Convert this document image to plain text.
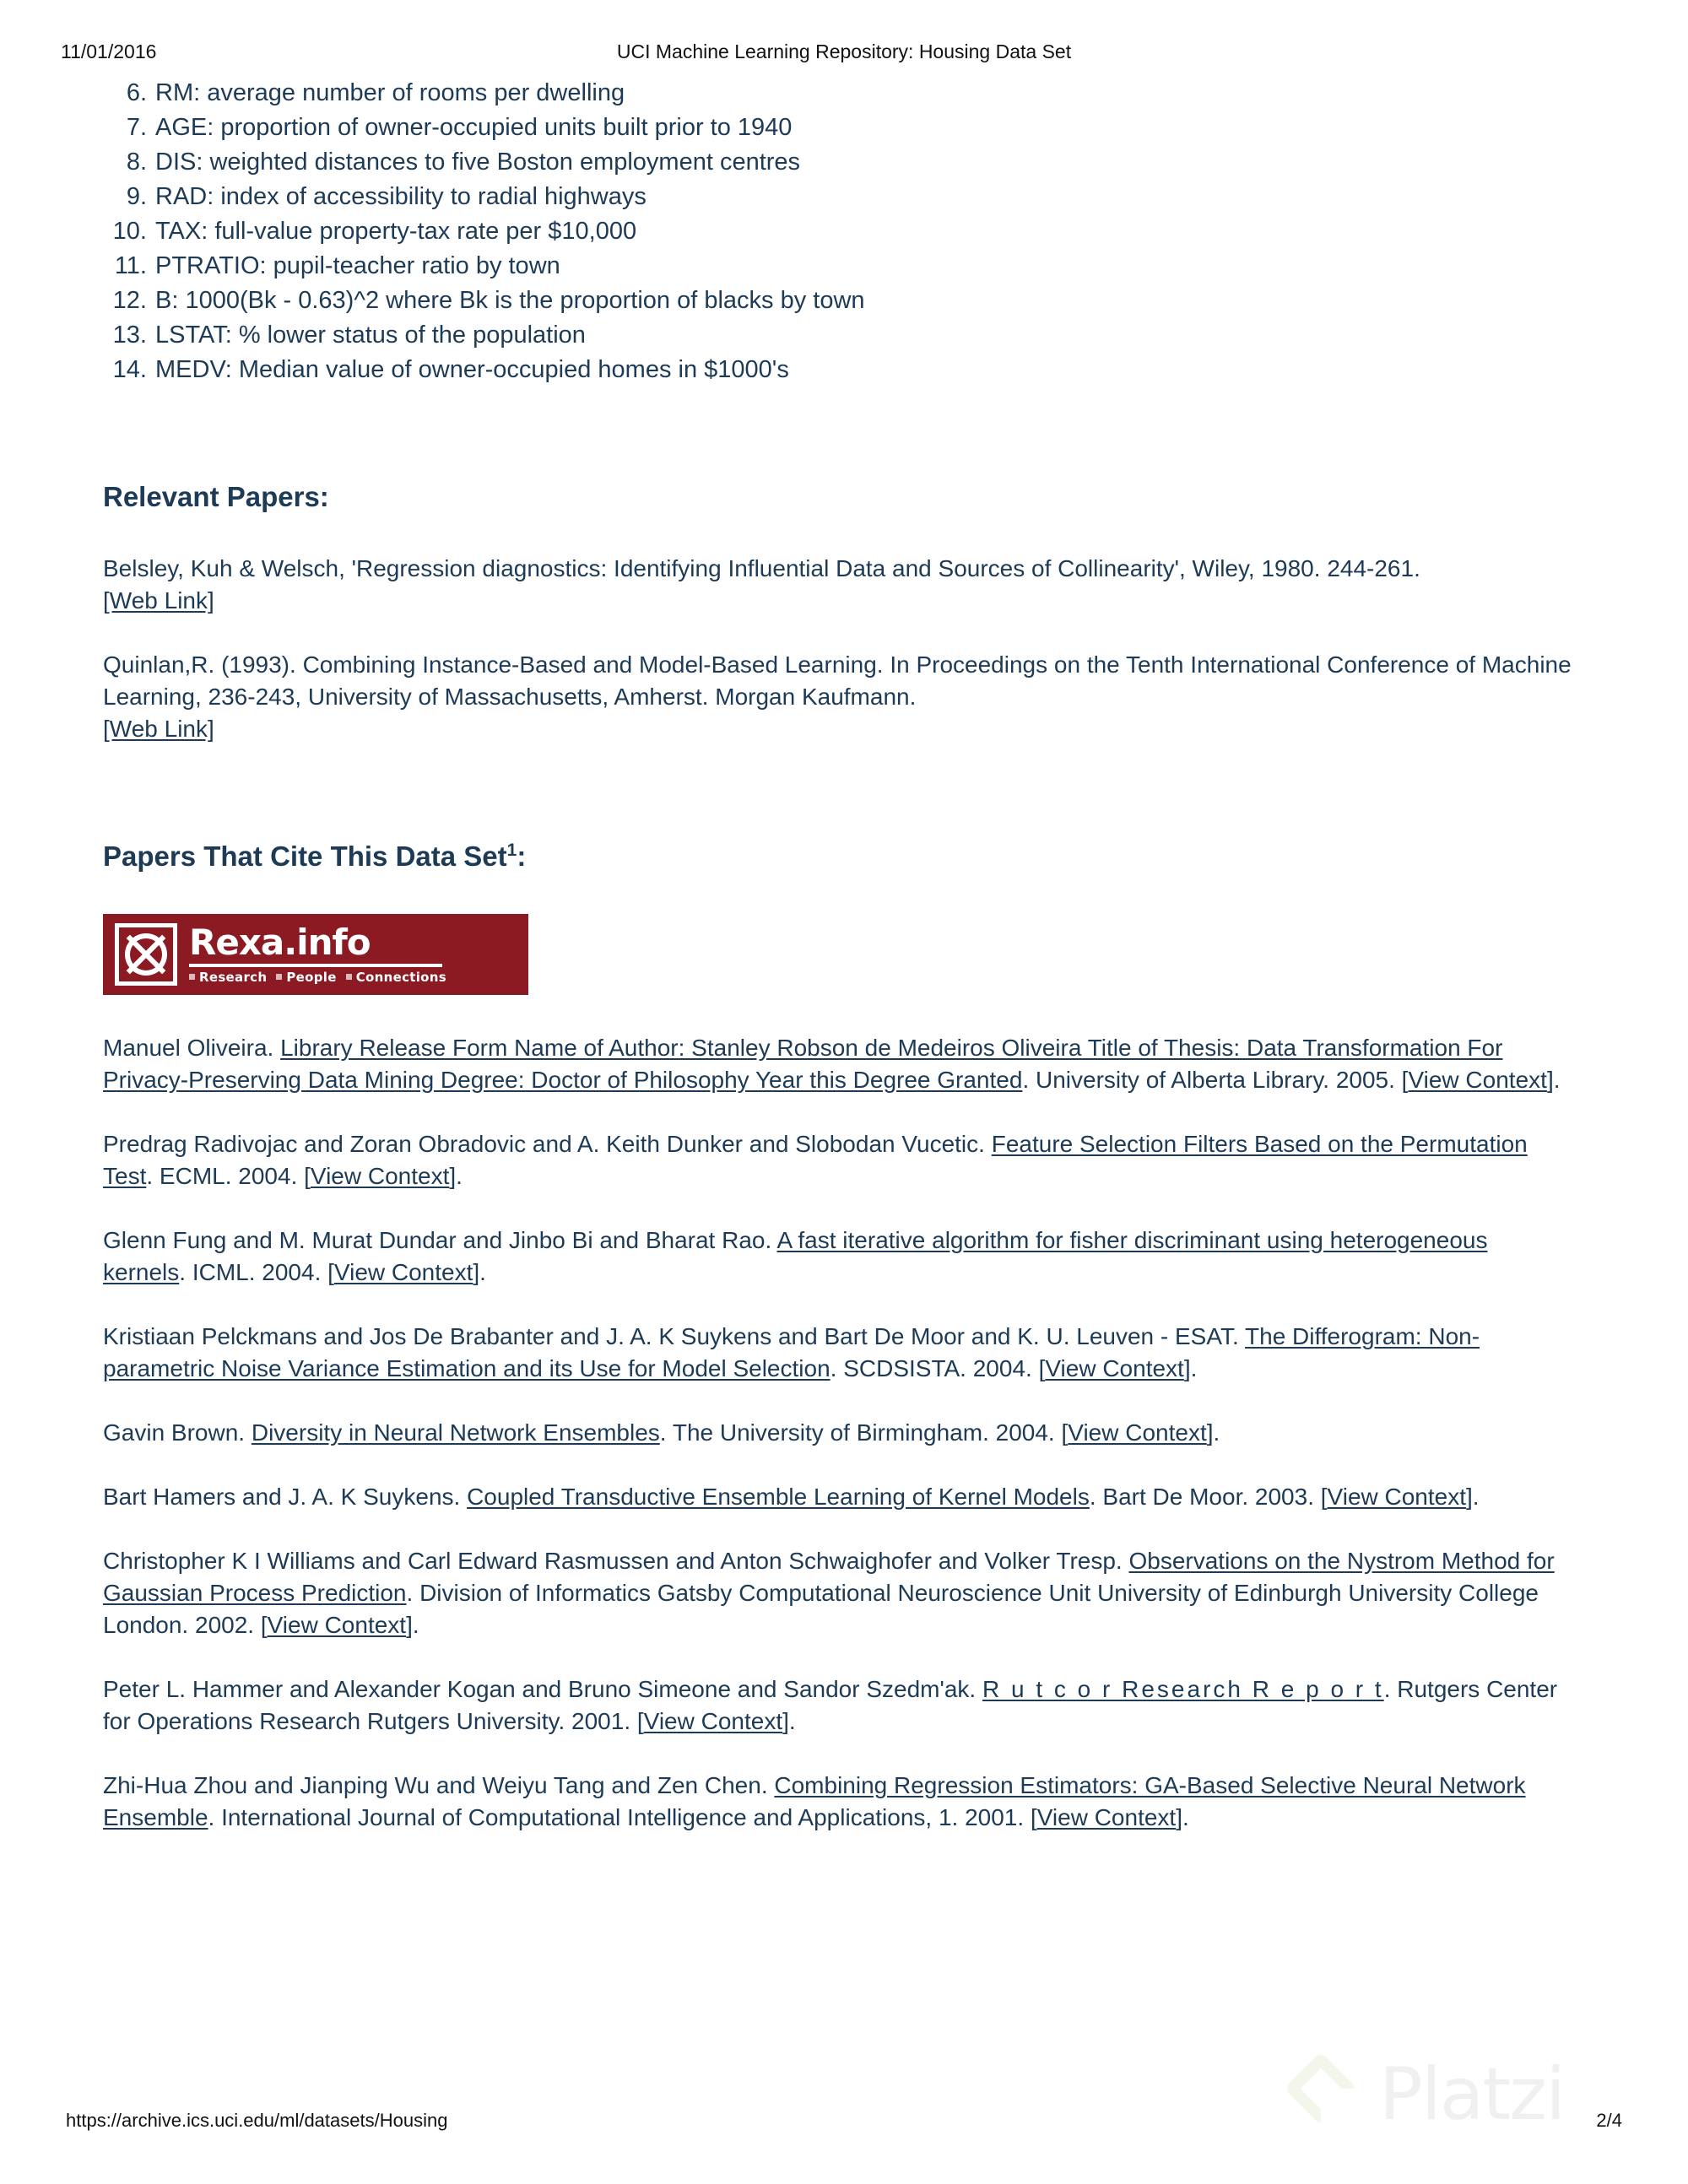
11/01/2016	UCI Machine Learning Repository: Housing Data Set
6. RM: average number of rooms per dwelling
7. AGE: proportion of owner-occupied units built prior to 1940
8. DIS: weighted distances to five Boston employment centres
9. RAD: index of accessibility to radial highways
10. TAX: full-value property-tax rate per $10,000
11. PTRATIO: pupil-teacher ratio by town
12. B: 1000(Bk - 0.63)^2 where Bk is the proportion of blacks by town
13. LSTAT: % lower status of the population
14. MEDV: Median value of owner-occupied homes in $1000's
Relevant Papers:

Belsley, Kuh & Welsch, 'Regression diagnostics: Identifying Influential Data and Sources of Collinearity', Wiley, 1980. 244-261.
[Web Link]

Quinlan,R. (1993). Combining Instance-Based and Model-Based Learning. In Proceedings on the Tenth International Conference of Machine Learning, 236-243, University of Massachusetts, Amherst. Morgan Kaufmann.
[Web Link]

Papers That Cite This Data Set$^1$:
Rexa.info
Research  People  Connections

Manuel Oliveira. Library Release Form Name of Author: Stanley Robson de Medeiros Oliveira Title of Thesis: Data Transformation For Privacy-Preserving Data Mining Degree: Doctor of Philosophy Year this Degree Granted. University of Alberta Library. 2005. [View Context].

Predrag Radivojac and Zoran Obradovic and A. Keith Dunker and Slobodan Vucetic. Feature Selection Filters Based on the Permutation Test. ECML. 2004. [View Context].

Glenn Fung and M. Murat Dundar and Jinbo Bi and Bharat Rao. A fast iterative algorithm for fisher discriminant using heterogeneous kernels. ICML. 2004. [View Context].

Kristiaan Pelckmans and Jos De Brabanter and J. A. K Suykens and Bart De Moor and K. U. Leuven - ESAT. The Differogram: Non-parametric Noise Variance Estimation and its Use for Model Selection. SCDSISTA. 2004. [View Context].

Gavin Brown. Diversity in Neural Network Ensembles. The University of Birmingham. 2004. [View Context].

Bart Hamers and J. A. K Suykens. Coupled Transductive Ensemble Learning of Kernel Models. Bart De Moor. 2003. [View Context].

Christopher K I Williams and Carl Edward Rasmussen and Anton Schwaighofer and Volker Tresp. Observations on the Nystrom Method for Gaussian Process Prediction. Division of Informatics Gatsby Computational Neuroscience Unit University of Edinburgh University College London. 2002. [View Context].

Peter L. Hammer and Alexander Kogan and Bruno Simeone and Sandor Szedm'ak. R u t c o r Research R e p o r t. Rutgers Center for Operations Research Rutgers University. 2001. [View Context].

Zhi-Hua Zhou and Jianping Wu and Weiyu Tang and Zen Chen. Combining Regression Estimators: GA-Based Selective Neural Network Ensemble. International Journal of Computational Intelligence and Applications, 1. 2001. [View Context].

Platzi
https://archive.ics.uci.edu/ml/datasets/Housing	2/4
